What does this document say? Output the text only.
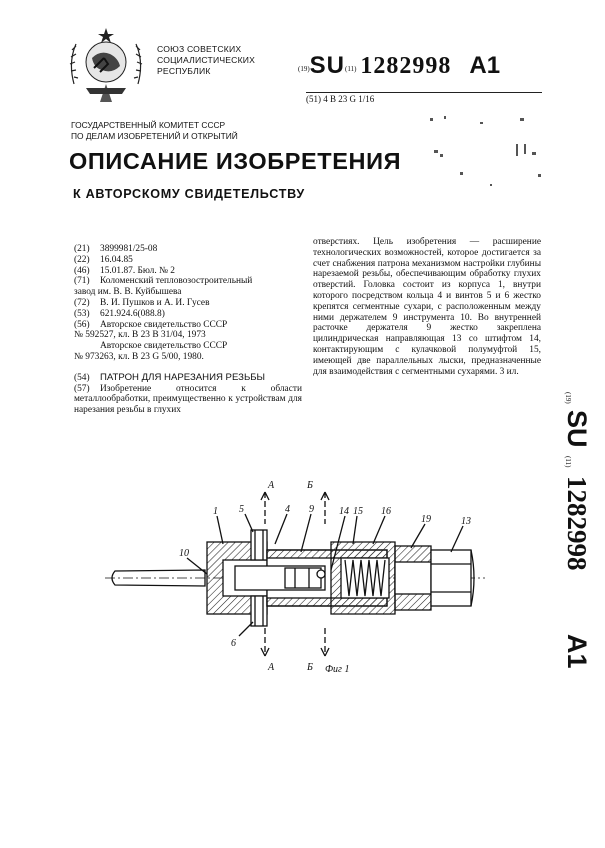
СОЮЗ СОВЕТСКИХ
СОЦИАЛИСТИЧЕСКИХ
РЕСПУБЛИК	(19)SU(11) 1282998 A1
(51) 4 B 23 G 1/16
ГОСУДАРСТВЕННЫЙ КОМИТЕТ СССР
ПО ДЕЛАМ ИЗОБРЕТЕНИЙ И ОТКРЫТИЙ
ОПИСАНИЕ ИЗОБРЕТЕНИЯ
К АВТОРСКОМУ СВИДЕТЕЛЬСТВУ
(21) 3899981/25-08
(22) 16.04.85
(46) 15.01.87. Бюл. № 2
(71) Коломенский тепловозостроительный
завод им. В. В. Куйбышева
(72) В. И. Пушков и А. И. Гусев
(53) 621.924.6(088.8)
(56) Авторское свидетельство СССР
№ 592527, кл. B 23 B 31/04, 1973
Авторское свидетельство СССР
№ 973263, кл. B 23 G 5/00, 1980.
(54) ПАТРОН ДЛЯ НАРЕЗАНИЯ РЕЗЬБЫ
(57) Изобретение относится к области металлообработки, преимущественно к устройствам для нарезания резьбы в глухих
отверстиях. Цель изобретения — расширение технологических возможностей, которое достигается за счет снабжения патрона механизмом настройки глубины нарезаемой резьбы, обеспечивающим обработку глухих отверстий. Головка состоит из корпуса 1, внутри которого посредством кольца 4 и винтов 5 и 6 жестко крепятся сегментные сухари, с расположенным между ними держателем 9 инструмента 10. Во внутренней расточке держателя 9 жестко закреплена цилиндрическая направляющая 13 со штифтом 14, контактирующим с кулачковой полумуфтой 15, имеющей две параллельных лыски, предназначенные для взаимодействия с сегментными сухарями. 3 ил.
(19)
SU
(11)
1282998
A1
А	Б
А	Б
1 5	4 9	14 15 16
19	13
10
6
Фиг 1
